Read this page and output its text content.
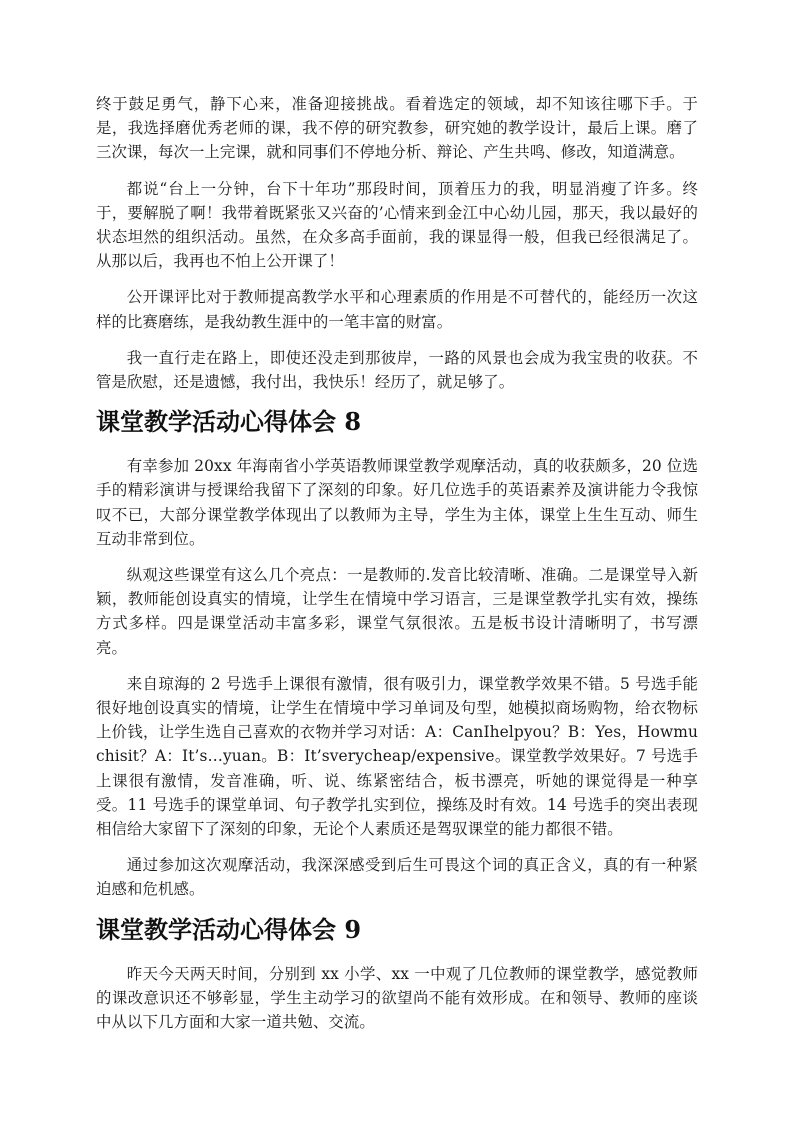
终于鼓足勇气，静下心来，准备迎接挑战。看着选定的领域，却不知该往哪下手。于是，我选择磨优秀老师的课，我不停的研究教参，研究她的教学设计，最后上课。磨了三次课，每次一上完课，就和同事们不停地分析、辩论、产生共鸣、修改，知道满意。

都说“台上一分钟，台下十年功”那段时间，顶着压力的我，明显消瘦了许多。终于，要解脱了啊！我带着既紧张又兴奋的’心情来到金江中心幼儿园，那天，我以最好的状态坦然的组织活动。虽然，在众多高手面前，我的课显得一般，但我已经很满足了。从那以后，我再也不怕上公开课了！

公开课评比对于教师提高教学水平和心理素质的作用是不可替代的，能经历一次这样的比赛磨练，是我幼教生涯中的一笔丰富的财富。

我一直行走在路上，即使还没走到那彼岸，一路的风景也会成为我宝贵的收获。不管是欣慰，还是遗憾，我付出，我快乐！经历了，就足够了。

课堂教学活动心得体会 8

有幸参加 20xx 年海南省小学英语教师课堂教学观摩活动，真的收获颇多，20 位选手的精彩演讲与授课给我留下了深刻的印象。好几位选手的英语素养及演讲能力令我惊叹不已，大部分课堂教学体现出了以教师为主导，学生为主体，课堂上生生互动、师生互动非常到位。

纵观这些课堂有这么几个亮点：一是教师的.发音比较清晰、准确。二是课堂导入新颖，教师能创设真实的情境，让学生在情境中学习语言，三是课堂教学扎实有效，操练方式多样。四是课堂活动丰富多彩，课堂气氛很浓。五是板书设计清晰明了，书写漂亮。

来自琼海的 2 号选手上课很有激情，很有吸引力，课堂教学效果不错。5 号选手能很好地创设真实的情境，让学生在情境中学习单词及句型，她模拟商场购物，给衣物标上价钱，让学生选自己喜欢的衣物并学习对话：A：CanIhelpyou？B：Yes，Howmuchisit？A：It’s…yuan。B：It’sverycheap/expensive。课堂教学效果好。7 号选手上课很有激情，发音准确，听、说、练紧密结合，板书漂亮，听她的课觉得是一种享受。11 号选手的课堂单词、句子教学扎实到位，操练及时有效。14 号选手的突出表现相信给大家留下了深刻的印象，无论个人素质还是驾驭课堂的能力都很不错。

通过参加这次观摩活动，我深深感受到后生可畏这个词的真正含义，真的有一种紧迫感和危机感。

课堂教学活动心得体会 9

昨天今天两天时间，分别到 xx 小学、xx 一中观了几位教师的课堂教学，感觉教师的课改意识还不够彰显，学生主动学习的欲望尚不能有效形成。在和领导、教师的座谈中从以下几方面和大家一道共勉、交流。
